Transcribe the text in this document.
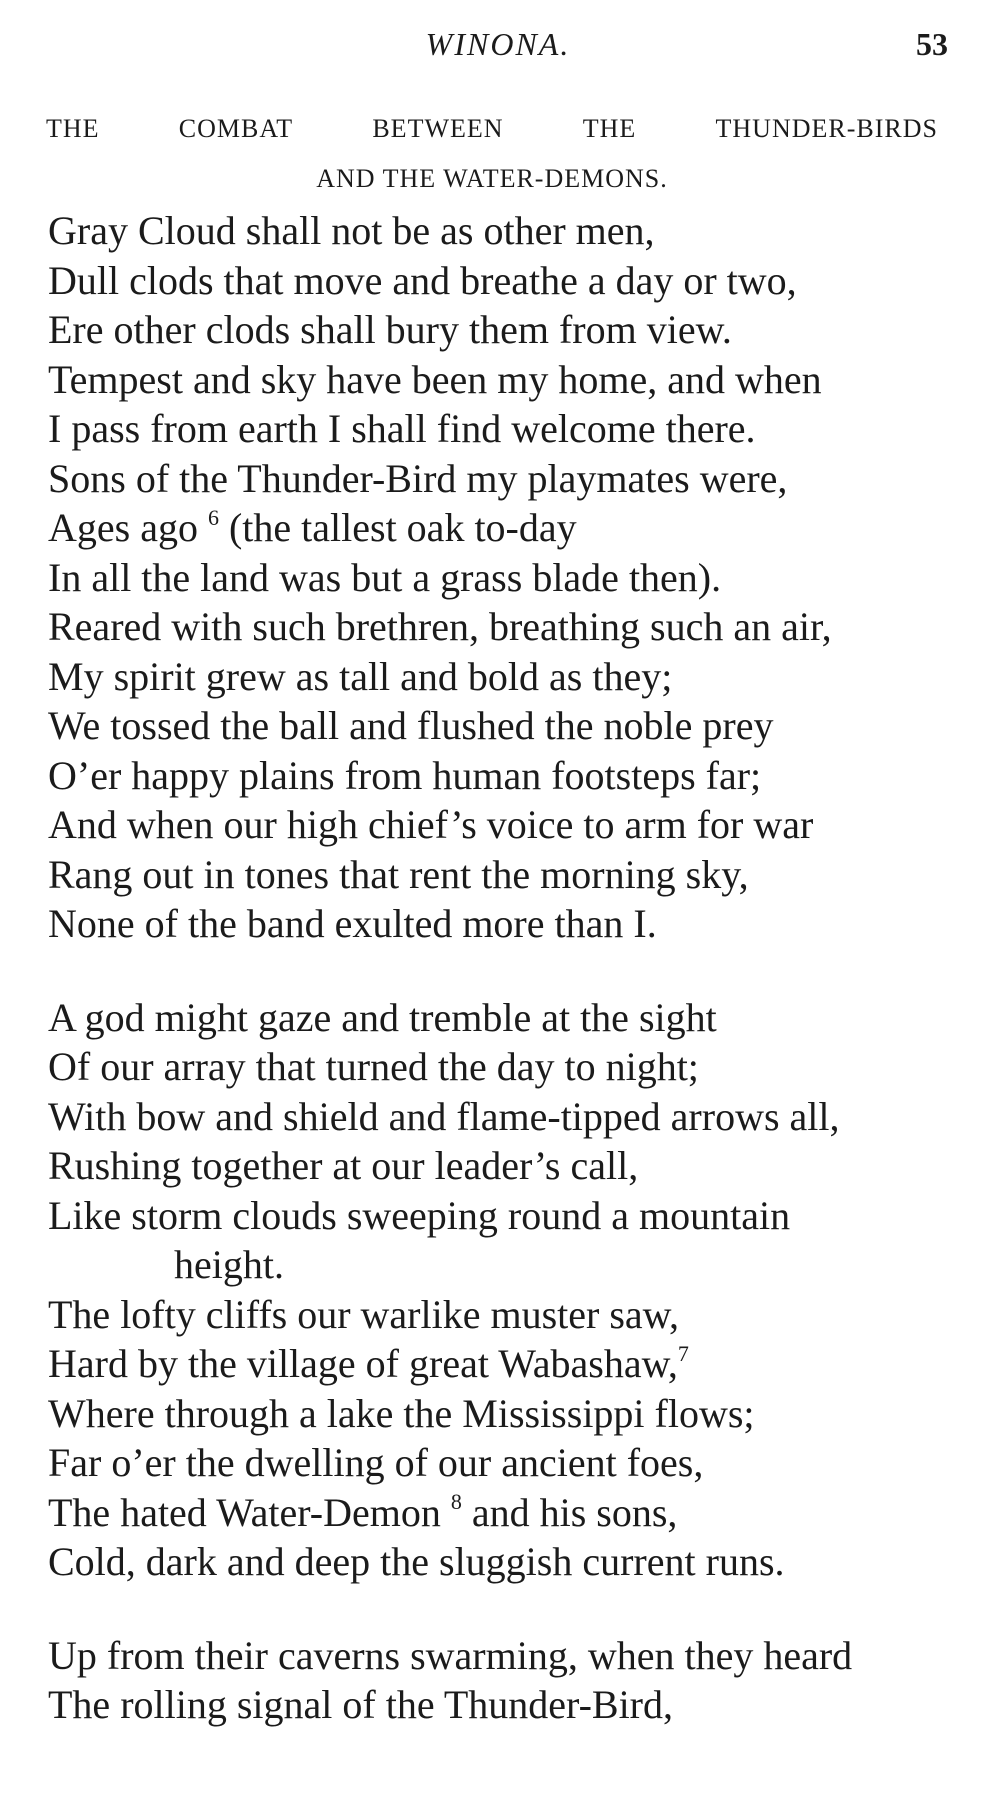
WINONA.	53
THE	COMBAT	BETWEEN	THE	THUNDER-BIRDS
AND THE WATER-DEMONS.
Gray Cloud shall not be as other men,
Dull clods that move and breathe a day or two,
Ere other clods shall bury them from view.
Tempest and sky have been my home, and when
I pass from earth I shall find welcome there.
Sons of the Thunder-Bird my playmates were,
Ages ago $^6$ (the tallest oak to-day
In all the land was but a grass blade then).
Reared with such brethren, breathing such an air,
My spirit grew as tall and bold as they;
We tossed the ball and flushed the noble prey
O’er happy plains from human footsteps far;
And when our high chief’s voice to arm for war
Rang out in tones that rent the morning sky,
None of the band exulted more than I.
A god might gaze and tremble at the sight
Of our array that turned the day to night;
With bow and shield and flame-tipped arrows all,
Rushing together at our leader’s call,
Like storm clouds sweeping round a mountain
height.
The lofty cliffs our warlike muster saw,
Hard by the village of great Wabashaw,$^7$
Where through a lake the Mississippi flows;
Far o’er the dwelling of our ancient foes,
The hated Water-Demon $^8$ and his sons,
Cold, dark and deep the sluggish current runs.
Up from their caverns swarming, when they heard
The rolling signal of the Thunder-Bird,
